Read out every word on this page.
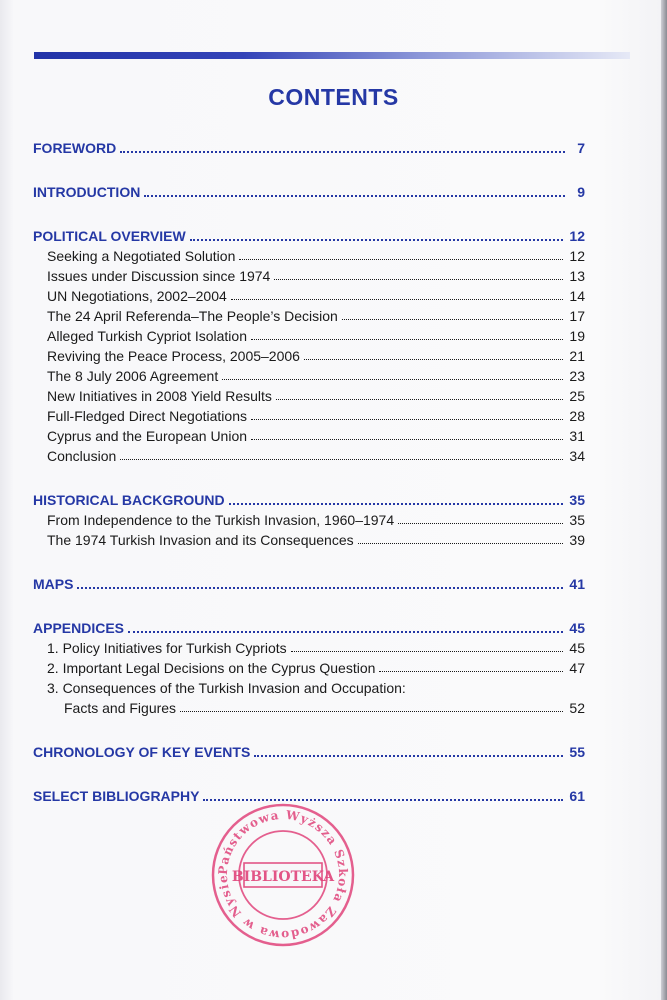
CONTENTS
FOREWORD	7
INTRODUCTION	9
POLITICAL OVERVIEW	12
Seeking a Negotiated Solution	12
Issues under Discussion since 1974	13
UN Negotiations, 2002–2004	14
The 24 April Referenda–The People’s Decision	17
Alleged Turkish Cypriot Isolation	19
Reviving the Peace Process, 2005–2006	21
The 8 July 2006 Agreement	23
New Initiatives in 2008 Yield Results	25
Full-Fledged Direct Negotiations	28
Cyprus and the European Union	31
Conclusion	34
HISTORICAL BACKGROUND	35
From Independence to the Turkish Invasion, 1960–1974	35
The 1974 Turkish Invasion and its Consequences	39
MAPS	41
APPENDICES	45
1. Policy Initiatives for Turkish Cypriots	45
2. Important Legal Decisions on the Cyprus Question	47
3. Consequences of the Turkish Invasion and Occupation:
Facts and Figures	52
CHRONOLOGY OF KEY EVENTS	55
SELECT BIBLIOGRAPHY	61
Państwowa Wyższa Szkoła Zawodowa w Nysie BIBLIOTEKA
